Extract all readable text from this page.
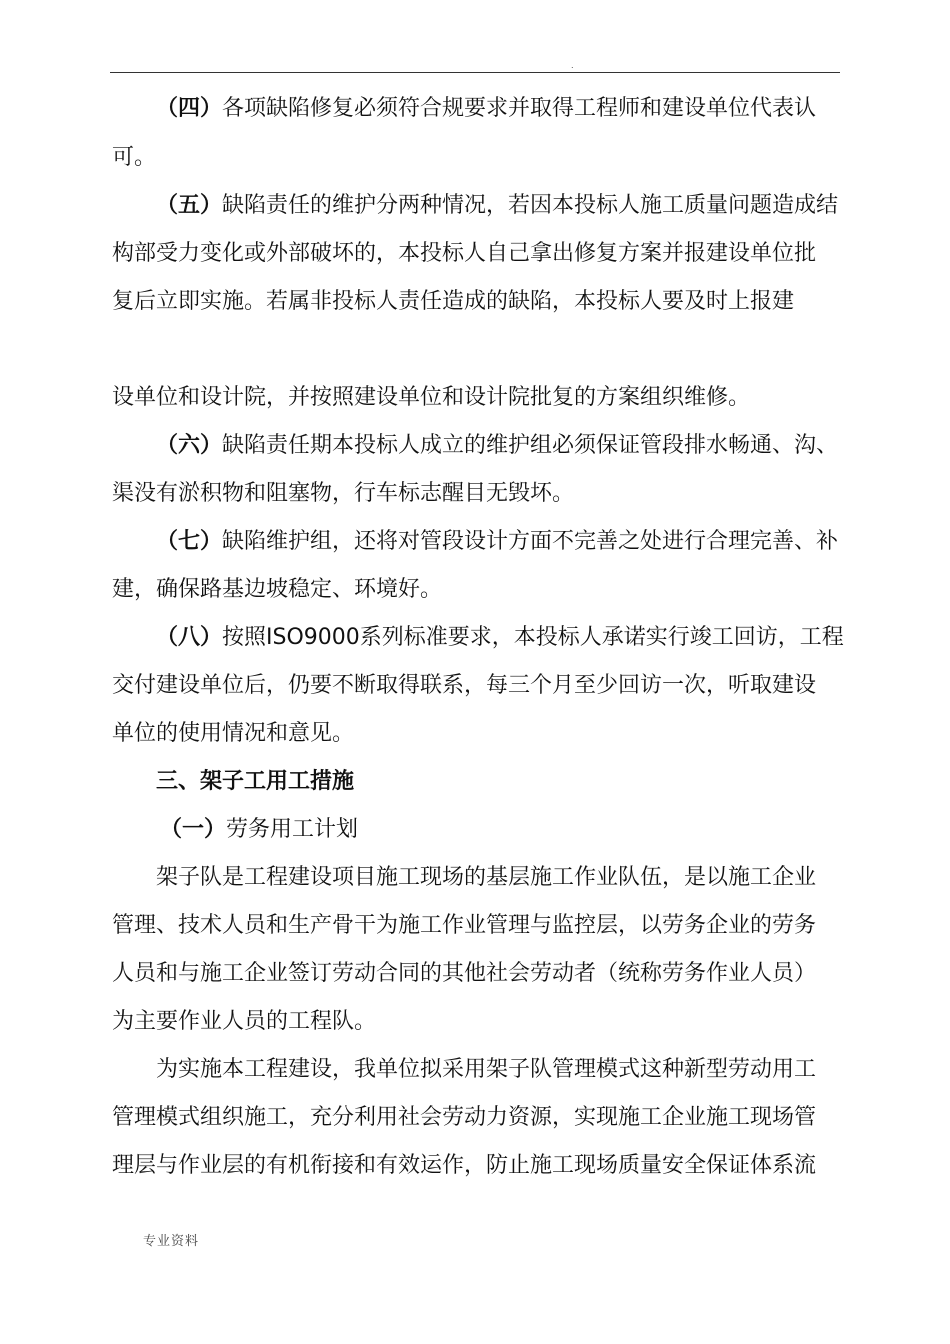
.
（四）各项缺陷修复必须符合规要求并取得工程师和建设单位代表认
可。
（五）缺陷责任的维护分两种情况，若因本投标人施工质量问题造成结
构部受力变化或外部破坏的，本投标人自己拿出修复方案并报建设单位批
复后立即实施。若属非投标人责任造成的缺陷，本投标人要及时上报建
设单位和设计院，并按照建设单位和设计院批复的方案组织维修。
（六）缺陷责任期本投标人成立的维护组必须保证管段排水畅通、沟、
渠没有淤积物和阻塞物，行车标志醒目无毁坏。
（七）缺陷维护组，还将对管段设计方面不完善之处进行合理完善、补
建，确保路基边坡稳定、环境好。
（八）按照ISO9000系列标准要求，本投标人承诺实行竣工回访，工程
交付建设单位后，仍要不断取得联系，每三个月至少回访一次，听取建设
单位的使用情况和意见。
三、架子工用工措施
（一）劳务用工计划
架子队是工程建设项目施工现场的基层施工作业队伍，是以施工企业
管理、技术人员和生产骨干为施工作业管理与监控层，以劳务企业的劳务
人员和与施工企业签订劳动合同的其他社会劳动者（统称劳务作业人员）
为主要作业人员的工程队。
为实施本工程建设，我单位拟采用架子队管理模式这种新型劳动用工
管理模式组织施工，充分利用社会劳动力资源，实现施工企业施工现场管
理层与作业层的有机衔接和有效运作，防止施工现场质量安全保证体系流
专业资料
